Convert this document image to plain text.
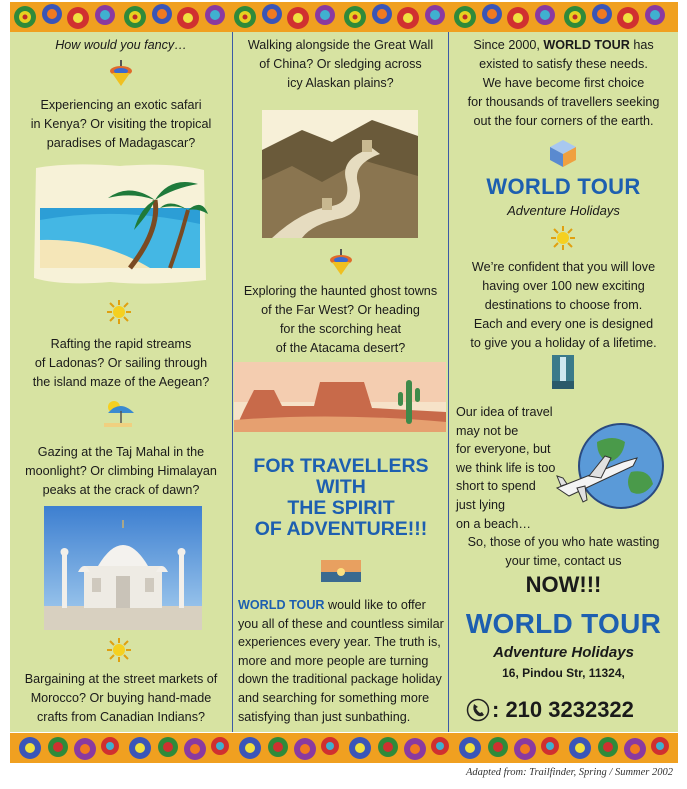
How would you fancy…
Experiencing an exotic safari
in Kenya? Or visiting the tropical
paradises of Madagascar?
Rafting the rapid streams
of Ladonas? Or sailing through
the island maze of the Aegean?
Gazing at the Taj Mahal in the
moonlight? Or climbing Himalayan
peaks at the crack of dawn?
Bargaining at the street markets of
Morocco? Or buying hand-made
crafts from Canadian Indians?
Walking alongside the Great Wall
of China? Or sledging across
icy Alaskan plains?
Exploring the haunted ghost towns
of the Far West? Or heading
for the scorching heat
of the Atacama desert?
FOR TRAVELLERS
WITH
THE SPIRIT
OF ADVENTURE!!!
WORLD TOUR would like to offer
you all of these and countless similar
experiences every year. The truth is,
more and more people are turning
down the traditional package holiday
and searching for something more
satisfying than just sunbathing.
Since 2000, WORLD TOUR has
existed to satisfy these needs.
We have become first choice
for thousands of travellers seeking
out the four corners of the earth.
WORLD TOUR
Adventure Holidays
We’re confident that you will love
having over 100 new exciting
destinations to choose from.
Each and every one is designed
to give you a holiday of a lifetime.
Our idea of travel may not be
for everyone, but
we think life is too
short to spend
just lying
on a beach…
So, those of you who hate wasting
your time, contact us
NOW!!!
WORLD TOUR
Adventure Holidays
16, Pindou Str, 11324,
: 210 3232322
Adapted from: Trailfinder, Spring / Summer 2002
